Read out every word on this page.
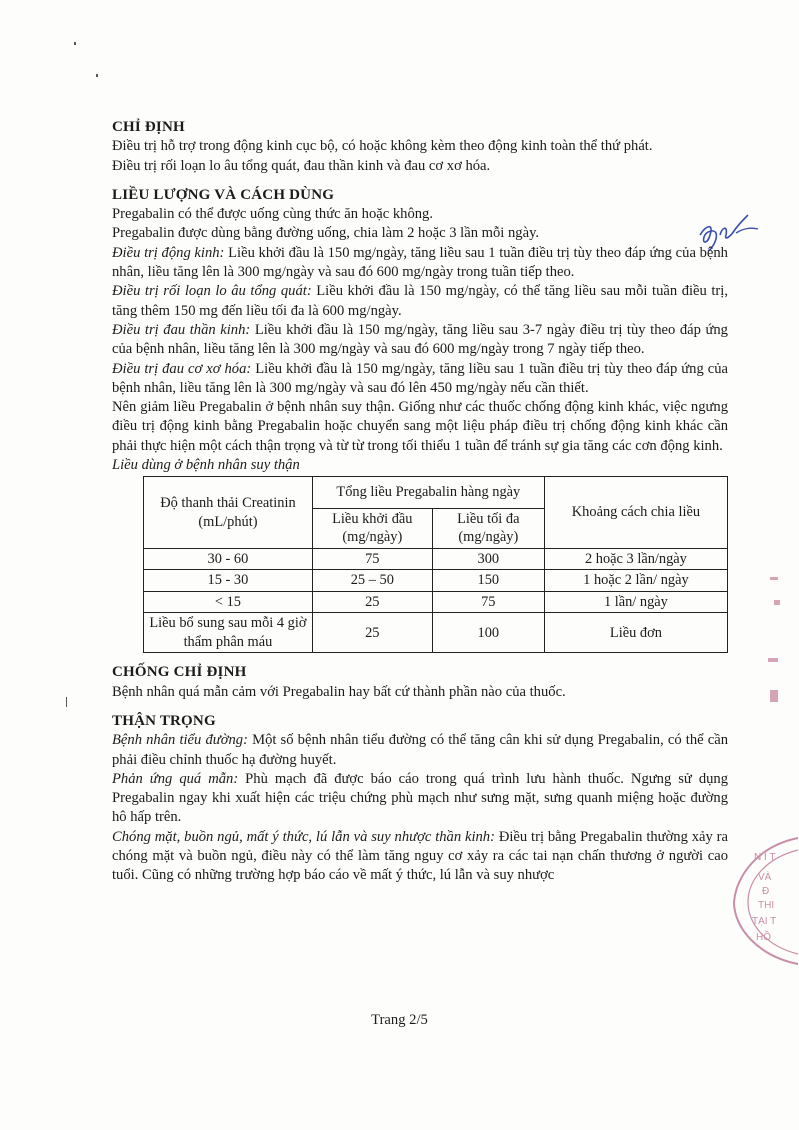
N I T
VÀ
Đ
THI
TẠI T
HỒ
CHỈ ĐỊNH

Điều trị hỗ trợ trong động kinh cục bộ, có hoặc không kèm theo động kinh toàn thể thứ phát.

Điều trị rối loạn lo âu tổng quát, đau thần kinh và đau cơ xơ hóa.

LIỀU LƯỢNG VÀ CÁCH DÙNG

Pregabalin có thể được uống cùng thức ăn hoặc không.

Pregabalin được dùng bằng đường uống, chia làm 2 hoặc 3 lần mỗi ngày.

Điều trị động kinh: Liều khởi đầu là 150 mg/ngày, tăng liều sau 1 tuần điều trị tùy theo đáp ứng của bệnh nhân, liều tăng lên là 300 mg/ngày và sau đó 600 mg/ngày trong tuần tiếp theo.

Điều trị rối loạn lo âu tổng quát: Liều khởi đầu là 150 mg/ngày, có thể tăng liều sau mỗi tuần điều trị, tăng thêm 150 mg đến liều tối đa là 600 mg/ngày.

Điều trị đau thần kinh: Liều khởi đầu là 150 mg/ngày, tăng liều sau 3-7 ngày điều trị tùy theo đáp ứng của bệnh nhân, liều tăng lên là 300 mg/ngày và sau đó 600 mg/ngày trong 7 ngày tiếp theo.

Điều trị đau cơ xơ hóa: Liều khởi đầu là 150 mg/ngày, tăng liều sau 1 tuần điều trị tùy theo đáp ứng của bệnh nhân, liều tăng lên là 300 mg/ngày và sau đó lên 450 mg/ngày nếu cần thiết.

Nên giảm liều Pregabalin ở bệnh nhân suy thận. Giống như các thuốc chống động kinh khác, việc ngưng điều trị động kinh bằng Pregabalin hoặc chuyển sang một liệu pháp điều trị chống động kinh khác cần phải thực hiện một cách thận trọng và từ từ trong tối thiểu 1 tuần để tránh sự gia tăng các cơn động kinh.

Liều dùng ở bệnh nhân suy thận

Độ thanh thải Creatinin (mL/phút)	Tổng liều Pregabalin hàng ngày		Khoảng cách chia liều
	Liều khởi đầu (mg/ngày)	Liều tối đa (mg/ngày)	
30 - 60	75	300	2 hoặc 3 lần/ngày
15 - 30	25 – 50	150	1 hoặc 2 lần/ ngày
< 15	25	75	1 lần/ ngày
Liều bổ sung sau mỗi 4 giờ thẩm phân máu	25	100	Liều đơn
CHỐNG CHỈ ĐỊNH

Bệnh nhân quá mẫn cảm với Pregabalin hay bất cứ thành phần nào của thuốc.

THẬN TRỌNG

Bệnh nhân tiểu đường: Một số bệnh nhân tiểu đường có thể tăng cân khi sử dụng Pregabalin, có thể cần phải điều chỉnh thuốc hạ đường huyết.

Phản ứng quá mẫn: Phù mạch đã được báo cáo trong quá trình lưu hành thuốc. Ngưng sử dụng Pregabalin ngay khi xuất hiện các triệu chứng phù mạch như sưng mặt, sưng quanh miệng hoặc đường hô hấp trên.

Chóng mặt, buồn ngủ, mất ý thức, lú lẫn và suy nhược thần kinh: Điều trị bằng Pregabalin thường xảy ra chóng mặt và buồn ngủ, điều này có thể làm tăng nguy cơ xảy ra các tai nạn chấn thương ở người cao tuổi. Cũng có những trường hợp báo cáo về mất ý thức, lú lẫn và suy nhược

Trang 2/5
